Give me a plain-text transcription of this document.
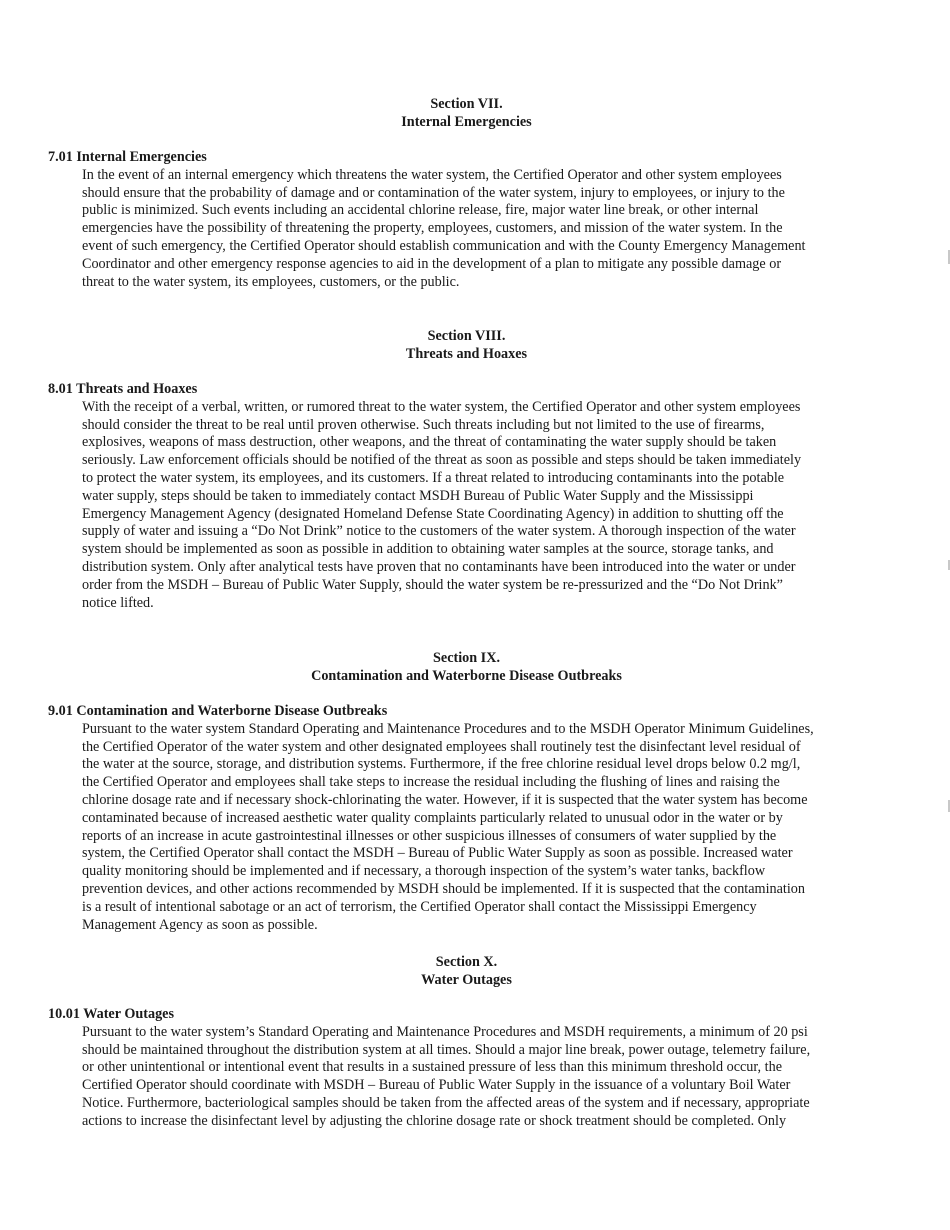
Section VII.
Internal Emergencies
7.01 Internal Emergencies

In the event of an internal emergency which threatens the water system, the Certified Operator and other system employees
should ensure that the probability of damage and or contamination of the water system, injury to employees, or injury to the
public is minimized. Such events including an accidental chlorine release, fire, major water line break, or other internal
emergencies have the possibility of threatening the property, employees, customers, and mission of the water system. In the
event of such emergency, the Certified Operator should establish communication and with the County Emergency Management
Coordinator and other emergency response agencies to aid in the development of a plan to mitigate any possible damage or
threat to the water system, its employees, customers, or the public.

Section VIII.
Threats and Hoaxes
8.01 Threats and Hoaxes

With the receipt of a verbal, written, or rumored threat to the water system, the Certified Operator and other system employees
should consider the threat to be real until proven otherwise. Such threats including but not limited to the use of firearms,
explosives, weapons of mass destruction, other weapons, and the threat of contaminating the water supply should be taken
seriously. Law enforcement officials should be notified of the threat as soon as possible and steps should be taken immediately
to protect the water system, its employees, and its customers. If a threat related to introducing contaminants into the potable
water supply, steps should be taken to immediately contact MSDH Bureau of Public Water Supply and the Mississippi
Emergency Management Agency (designated Homeland Defense State Coordinating Agency) in addition to shutting off the
supply of water and issuing a “Do Not Drink” notice to the customers of the water system. A thorough inspection of the water
system should be implemented as soon as possible in addition to obtaining water samples at the source, storage tanks, and
distribution system. Only after analytical tests have proven that no contaminants have been introduced into the water or under
order from the MSDH – Bureau of Public Water Supply, should the water system be re-pressurized and the “Do Not Drink”
notice lifted.

Section IX.
Contamination and Waterborne Disease Outbreaks
9.01 Contamination and Waterborne Disease Outbreaks

Pursuant to the water system Standard Operating and Maintenance Procedures and to the MSDH Operator Minimum Guidelines,
the Certified Operator of the water system and other designated employees shall routinely test the disinfectant level residual of
the water at the source, storage, and distribution systems. Furthermore, if the free chlorine residual level drops below 0.2 mg/l,
the Certified Operator and employees shall take steps to increase the residual including the flushing of lines and raising the
chlorine dosage rate and if necessary shock-chlorinating the water. However, if it is suspected that the water system has become
contaminated because of increased aesthetic water quality complaints particularly related to unusual odor in the water or by
reports of an increase in acute gastrointestinal illnesses or other suspicious illnesses of consumers of water supplied by the
system, the Certified Operator shall contact the MSDH – Bureau of Public Water Supply as soon as possible. Increased water
quality monitoring should be implemented and if necessary, a thorough inspection of the system’s water tanks, backflow
prevention devices, and other actions recommended by MSDH should be implemented. If it is suspected that the contamination
is a result of intentional sabotage or an act of terrorism, the Certified Operator shall contact the Mississippi Emergency
Management Agency as soon as possible.

Section X.
Water Outages
10.01 Water Outages

Pursuant to the water system’s Standard Operating and Maintenance Procedures and MSDH requirements, a minimum of 20 psi
should be maintained throughout the distribution system at all times. Should a major line break, power outage, telemetry failure,
or other unintentional or intentional event that results in a sustained pressure of less than this minimum threshold occur, the
Certified Operator should coordinate with MSDH – Bureau of Public Water Supply in the issuance of a voluntary Boil Water
Notice. Furthermore, bacteriological samples should be taken from the affected areas of the system and if necessary, appropriate
actions to increase the disinfectant level by adjusting the chlorine dosage rate or shock treatment should be completed. Only
